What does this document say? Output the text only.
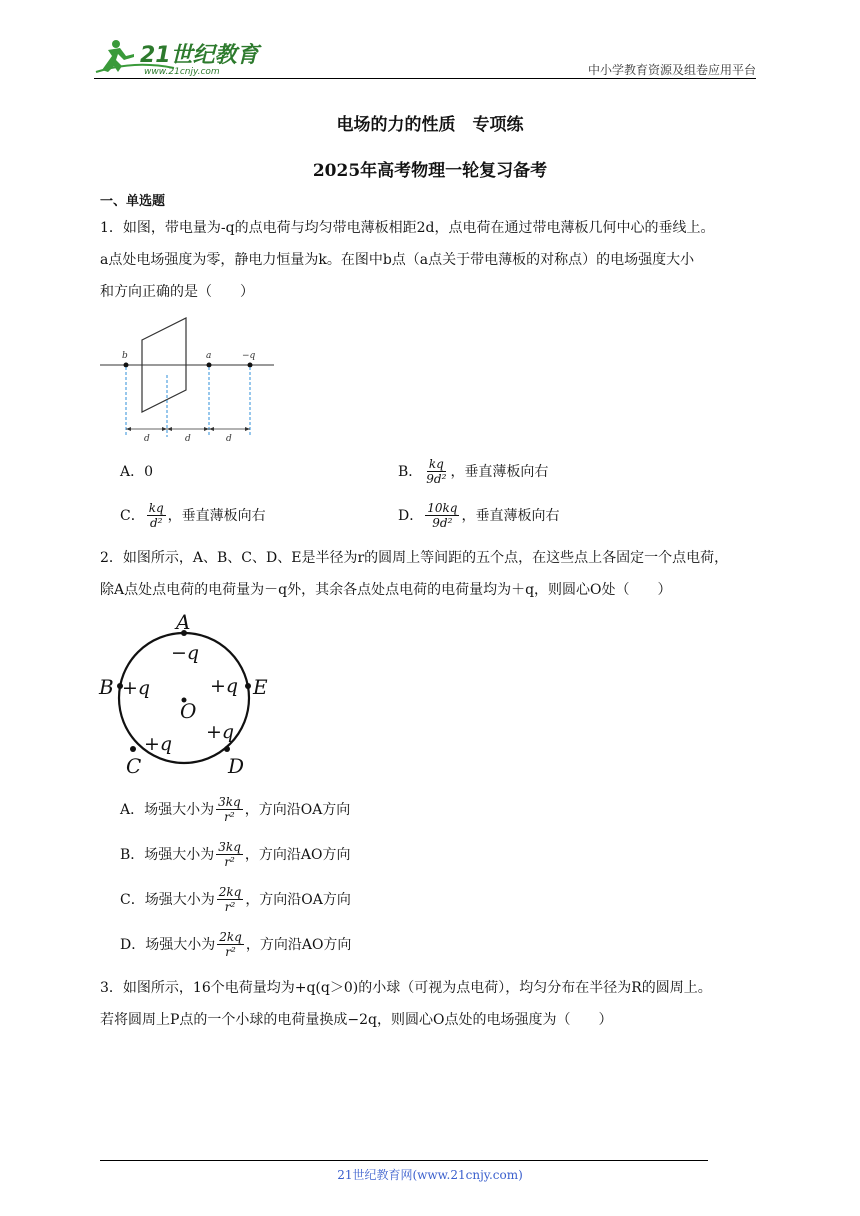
21世纪教育
www.21cnjy.com	中小学教育资源及组卷应用平台
电场的力的性质　专项练
2025年高考物理一轮复习备考
一、单选题
1．如图，带电量为-q的点电荷与均匀带电薄板相距2d，点电荷在通过带电薄板几何中心的垂线上。
a点处电场强度为零，静电力恒量为k。在图中b点（a点关于带电薄板的对称点）的电场强度大小
和方向正确的是（　　）
b	a	−q
d	d	d
A．0	B． $\frac{kq}{\text{9d²}}$ ，垂直薄板向右
C． $\frac{kq}{\text{d²}}$ ，垂直薄板向右	D． $\frac{10kq}{\text{9d²}}$ ，垂直薄板向右
2．如图所示，A、B、C、D、E是半径为r的圆周上等间距的五个点，在这些点上各固定一个点电荷，
除A点处点电荷的电荷量为－q外，其余各点处点电荷的电荷量均为＋q，则圆心O处（　　）
A
−q
B +q	E
+q
O
+q
+q
C	D
A．场强大小为 $\frac{3kq}{\text{r²}}$ ，方向沿OA方向
B．场强大小为 $\frac{3kq}{\text{r²}}$ ，方向沿AO方向
C．场强大小为 $\frac{2kq}{\text{r²}}$ ，方向沿OA方向
D．场强大小为 $\frac{2kq}{\text{r²}}$ ，方向沿AO方向
3．如图所示，16个电荷量均为+q(q＞0)的小球（可视为点电荷），均匀分布在半径为R的圆周上。
若将圆周上P点的一个小球的电荷量换成−2q，则圆心O点处的电场强度为（　　）
21世纪教育网(www.21cnjy.com)
